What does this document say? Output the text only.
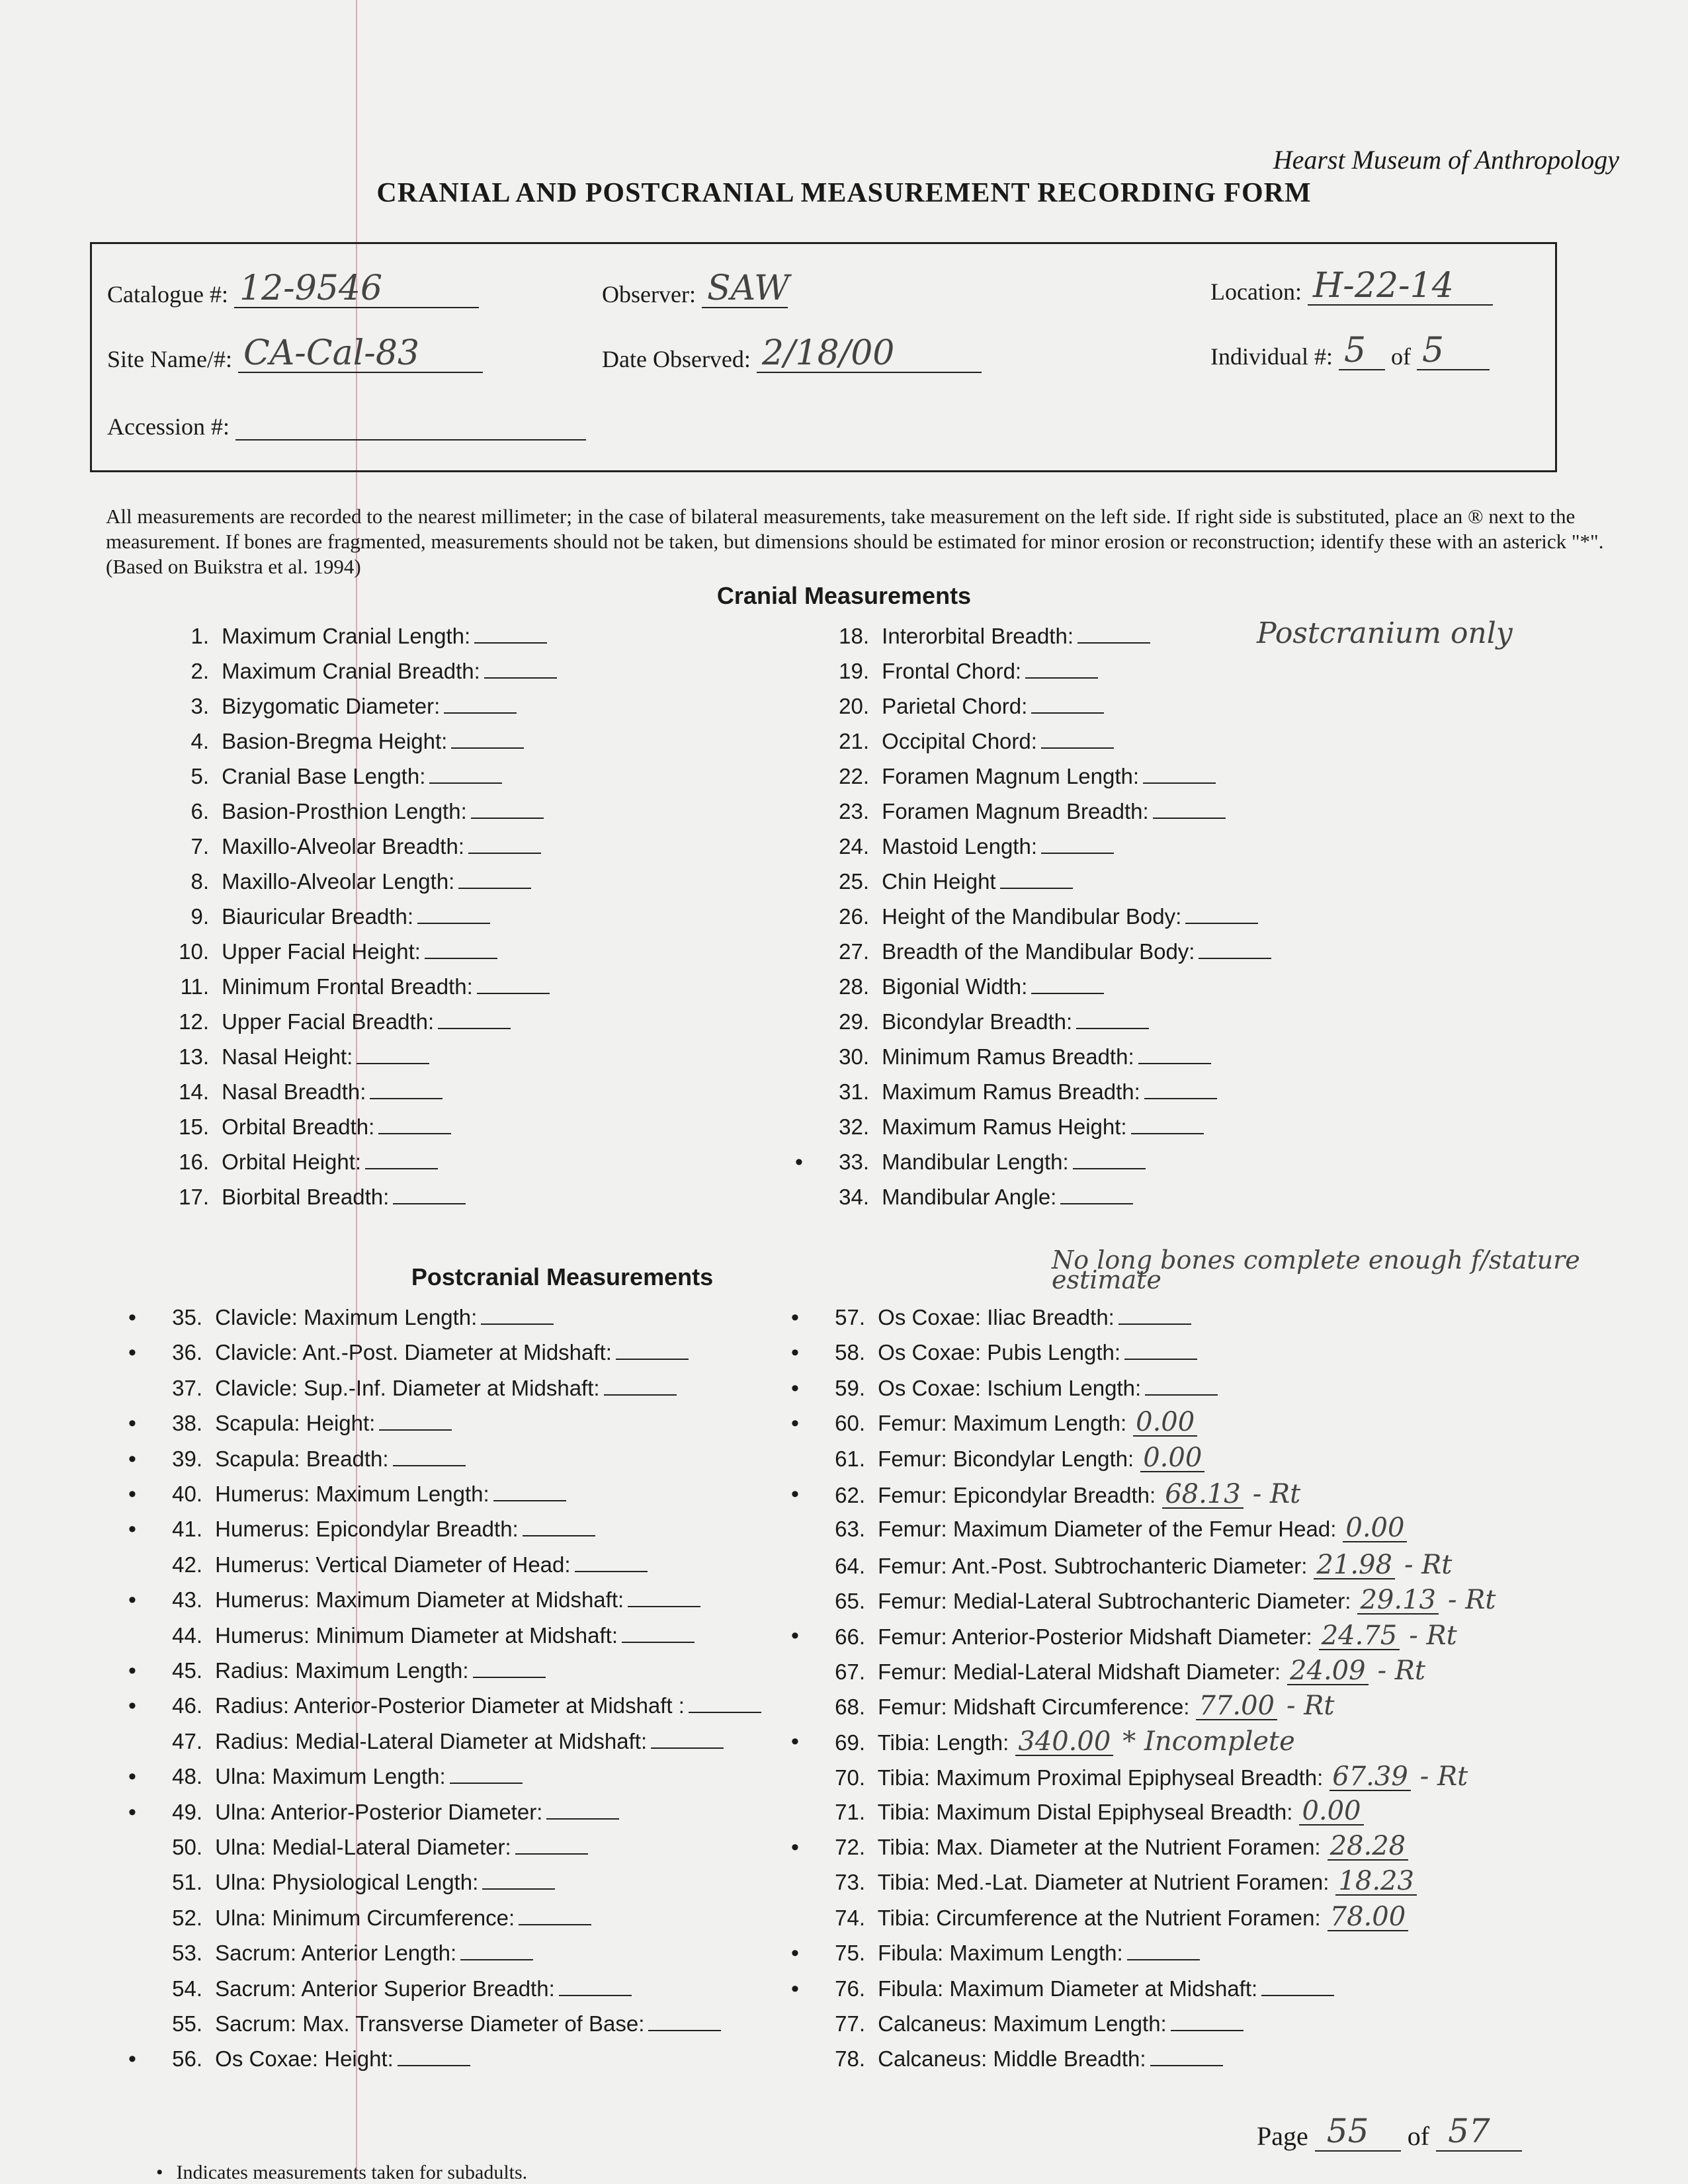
Hearst Museum of Anthropology
CRANIAL AND POSTCRANIAL MEASUREMENT RECORDING FORM
Catalogue #: 12-9546	Observer: SAW	Location: H-22-14
Site Name/#: CA-Cal-83	Date Observed: 2/18/00	Individual #: 5 of 5
Accession #:
All measurements are recorded to the nearest millimeter; in the case of bilateral measurements, take measurement on the left side. If right side is substituted, place an ® next to the measurement. If bones are fragmented, measurements should not be taken, but dimensions should be estimated for minor erosion or reconstruction; identify these with an asterick "*". (Based on Buikstra et al. 1994)
Cranial Measurements
Postcranium only
1. Maximum Cranial Length:
2. Maximum Cranial Breadth:
3. Bizygomatic Diameter:
4. Basion-Bregma Height:
5. Cranial Base Length:
6. Basion-Prosthion Length:
7. Maxillo-Alveolar Breadth:
8. Maxillo-Alveolar Length:
9. Biauricular Breadth:
10. Upper Facial Height:
11. Minimum Frontal Breadth:
12. Upper Facial Breadth:
13. Nasal Height:
14. Nasal Breadth:
15. Orbital Breadth:
16. Orbital Height:
17. Biorbital Breadth:
18. Interorbital Breadth:
19. Frontal Chord:
20. Parietal Chord:
21. Occipital Chord:
22. Foramen Magnum Length:
23. Foramen Magnum Breadth:
24. Mastoid Length:
25. Chin Height
26. Height of the Mandibular Body:
27. Breadth of the Mandibular Body:
28. Bigonial Width:
29. Bicondylar Breadth:
30. Minimum Ramus Breadth:
31. Maximum Ramus Breadth:
32. Maximum Ramus Height:
• 33. Mandibular Length:
34. Mandibular Angle:
Postcranial Measurements
No long bones complete enough f/stature estimate
• 35. Clavicle: Maximum Length:
• 36. Clavicle: Ant.-Post. Diameter at Midshaft:
37. Clavicle: Sup.-Inf. Diameter at Midshaft:
• 38. Scapula: Height:
• 39. Scapula: Breadth:
• 40. Humerus: Maximum Length:
• 41. Humerus: Epicondylar Breadth:
42. Humerus: Vertical Diameter of Head:
• 43. Humerus: Maximum Diameter at Midshaft:
44. Humerus: Minimum Diameter at Midshaft:
• 45. Radius: Maximum Length:
• 46. Radius: Anterior-Posterior Diameter at Midshaft :
47. Radius: Medial-Lateral Diameter at Midshaft:
• 48. Ulna: Maximum Length:
• 49. Ulna: Anterior-Posterior Diameter:
50. Ulna: Medial-Lateral Diameter:
51. Ulna: Physiological Length:
52. Ulna: Minimum Circumference:
53. Sacrum: Anterior Length:
54. Sacrum: Anterior Superior Breadth:
55. Sacrum: Max. Transverse Diameter of Base:
• 56. Os Coxae: Height:
• 57. Os Coxae: Iliac Breadth:
• 58. Os Coxae: Pubis Length:
• 59. Os Coxae: Ischium Length:
• 60. Femur: Maximum Length: 0.00
61. Femur: Bicondylar Length: 0.00
• 62. Femur: Epicondylar Breadth: 68.13 - Rt
63. Femur: Maximum Diameter of the Femur Head: 0.00
64. Femur: Ant.-Post. Subtrochanteric Diameter: 21.98 - Rt
65. Femur: Medial-Lateral Subtrochanteric Diameter: 29.13 - Rt
• 66. Femur: Anterior-Posterior Midshaft Diameter: 24.75 - Rt
67. Femur: Medial-Lateral Midshaft Diameter: 24.09 - Rt
68. Femur: Midshaft Circumference: 77.00 - Rt
• 69. Tibia: Length: 340.00 * Incomplete
70. Tibia: Maximum Proximal Epiphyseal Breadth: 67.39 - Rt
71. Tibia: Maximum Distal Epiphyseal Breadth: 0.00
• 72. Tibia: Max. Diameter at the Nutrient Foramen: 28.28
73. Tibia: Med.-Lat. Diameter at Nutrient Foramen: 18.23
74. Tibia: Circumference at the Nutrient Foramen: 78.00
• 75. Fibula: Maximum Length:
• 76. Fibula: Maximum Diameter at Midshaft:
77. Calcaneus: Maximum Length:
78. Calcaneus: Middle Breadth:
Page 55 of 57
• Indicates measurements taken for subadults.
